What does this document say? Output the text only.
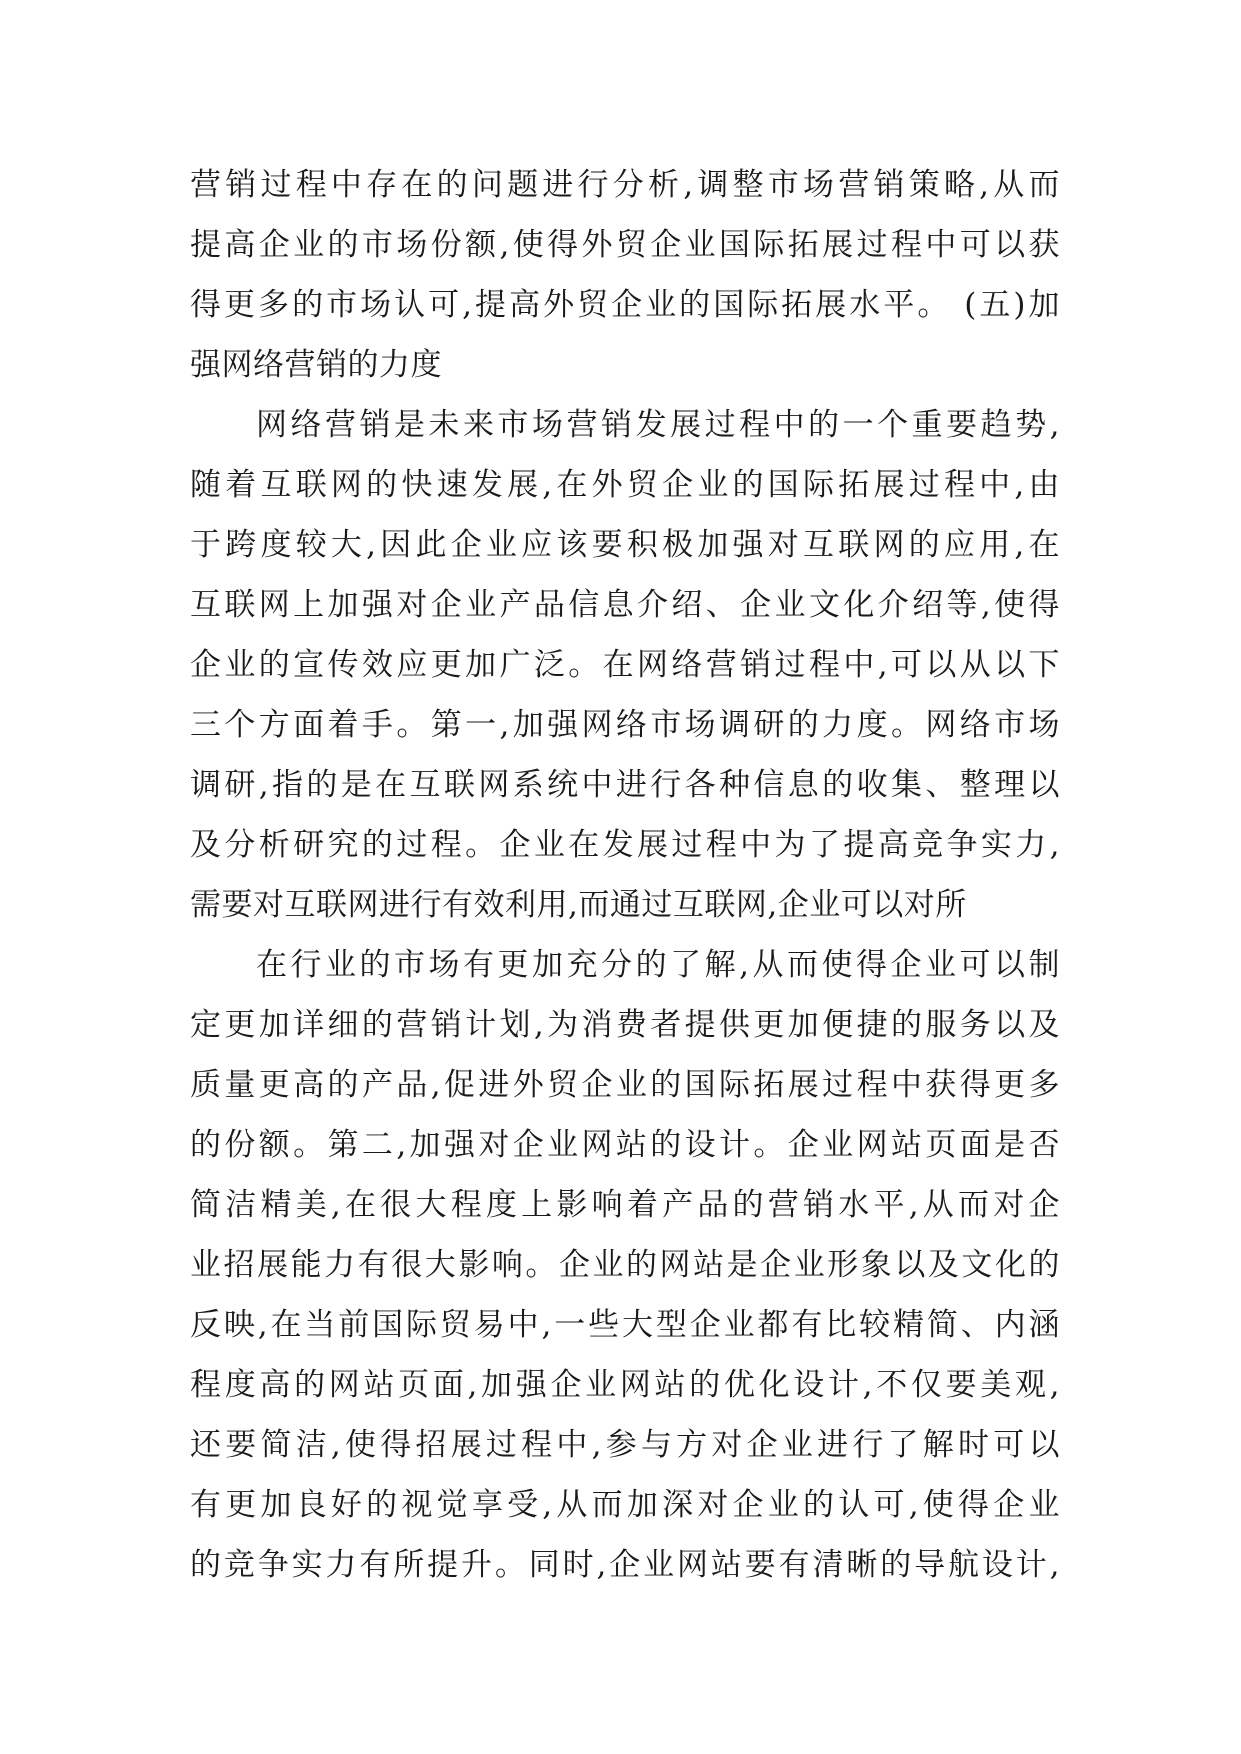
营销过程中存在的问题进行分析,调整市场营销策略,从而
提高企业的市场份额,使得外贸企业国际拓展过程中可以获
得更多的市场认可,提高外贸企业的国际拓展水平。 (五)加
强网络营销的力度
网络营销是未来市场营销发展过程中的一个重要趋势,
随着互联网的快速发展,在外贸企业的国际拓展过程中,由
于跨度较大,因此企业应该要积极加强对互联网的应用,在
互联网上加强对企业产品信息介绍、企业文化介绍等,使得
企业的宣传效应更加广泛。在网络营销过程中,可以从以下
三个方面着手。第一,加强网络市场调研的力度。网络市场
调研,指的是在互联网系统中进行各种信息的收集、整理以
及分析研究的过程。企业在发展过程中为了提高竞争实力,
需要对互联网进行有效利用,而通过互联网,企业可以对所
在行业的市场有更加充分的了解,从而使得企业可以制
定更加详细的营销计划,为消费者提供更加便捷的服务以及
质量更高的产品,促进外贸企业的国际拓展过程中获得更多
的份额。第二,加强对企业网站的设计。企业网站页面是否
简洁精美,在很大程度上影响着产品的营销水平,从而对企
业招展能力有很大影响。企业的网站是企业形象以及文化的
反映,在当前国际贸易中,一些大型企业都有比较精简、内涵
程度高的网站页面,加强企业网站的优化设计,不仅要美观,
还要简洁,使得招展过程中,参与方对企业进行了解时可以
有更加良好的视觉享受,从而加深对企业的认可,使得企业
的竞争实力有所提升。同时,企业网站要有清晰的导航设计,
